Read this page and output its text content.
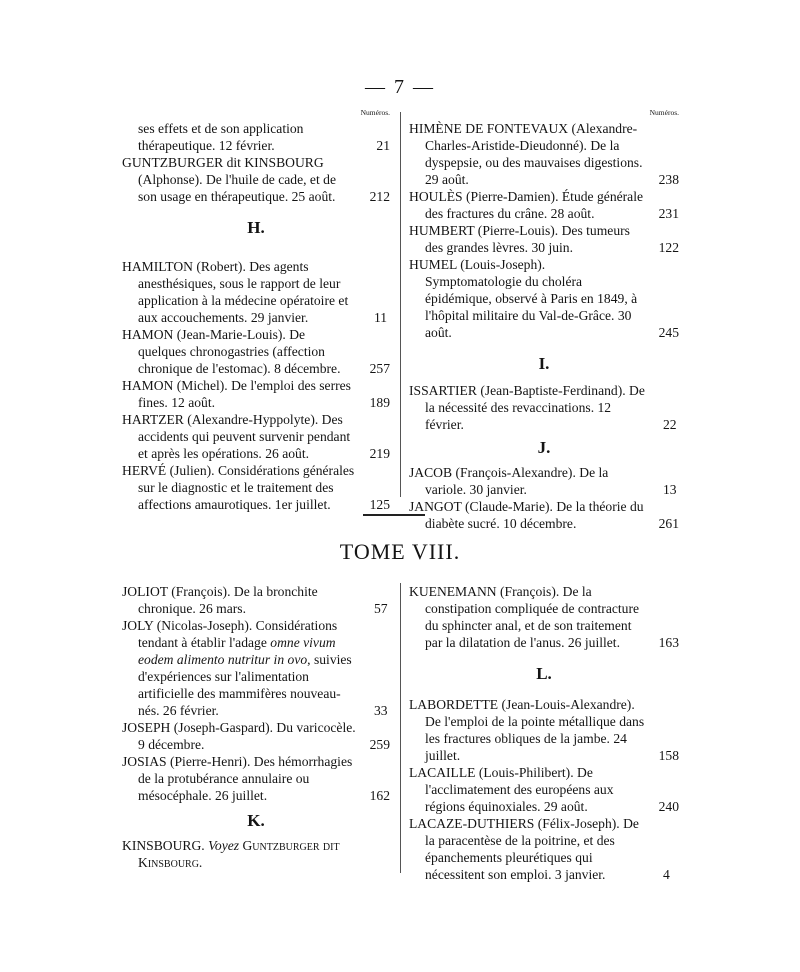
— 7 —
Numéros.
ses effets et de son application thérapeutique. 12 février.	21
GUNTZBURGER dit KINSBOURG (Alphonse). De l'huile de cade, et de son usage en thérapeutique. 25 août.	212
H.
HAMILTON (Robert). Des agents anesthésiques, sous le rapport de leur application à la médecine opératoire et aux accouchements. 29 janvier.	11
HAMON (Jean-Marie-Louis). De quelques chronogastries (affection chronique de l'estomac). 8 décembre. 257
HAMON (Michel). De l'emploi des serres fines. 12 août.	189
HARTZER (Alexandre-Hyppolyte). Des accidents qui peuvent survenir pendant et après les opérations. 26 août.	219
HERVÉ (Julien). Considérations générales sur le diagnostic et le traitement des affections amaurotiques. 1er juillet.	125
Numéros.
HIMÈNE DE FONTEVAUX (Alexandre-Charles-Aristide-Dieudonné). De la dyspepsie, ou des mauvaises digestions. 29 août.	238
HOULÈS (Pierre-Damien). Étude générale des fractures du crâne. 28 août.	231
HUMBERT (Pierre-Louis). Des tumeurs des grandes lèvres. 30 juin.	122
HUMEL (Louis-Joseph). Symptomatologie du choléra épidémique, observé à Paris en 1849, à l'hôpital militaire du Val-de-Grâce. 30 août.	245
I.
ISSARTIER (Jean-Baptiste-Ferdinand). De la nécessité des revaccinations. 12 février.	22
J.
JACOB (François-Alexandre). De la variole. 30 janvier.	13
JANGOT (Claude-Marie). De la théorie du diabète sucré. 10 décembre.	261
TOME VIII.
JOLIOT (François). De la bronchite chronique. 26 mars.	57
JOLY (Nicolas-Joseph). Considérations tendant à établir l'adage omne vivum eodem alimento nutritur in ovo, suivies d'expériences sur l'alimentation artificielle des mammifères nouveau-nés. 26 février.	33
JOSEPH (Joseph-Gaspard). Du varicocèle. 9 décembre.	259
JOSIAS (Pierre-Henri). Des hémorrhagies de la protubérance annulaire ou mésocéphale. 26 juillet.	162
K.
KINSBOURG. Voyez Guntzburger dit Kinsbourg.
KUENEMANN (François). De la constipation compliquée de contracture du sphincter anal, et de son traitement par la dilatation de l'anus. 26 juillet.	163
L.
LABORDETTE (Jean-Louis-Alexandre). De l'emploi de la pointe métallique dans les fractures obliques de la jambe. 24 juillet.	158
LACAILLE (Louis-Philibert). De l'acclimatement des européens aux régions équinoxiales. 29 août.	240
LACAZE-DUTHIERS (Félix-Joseph). De la paracentèse de la poitrine, et des épanchements pleurétiques qui nécessitent son emploi. 3 janvier.	4
